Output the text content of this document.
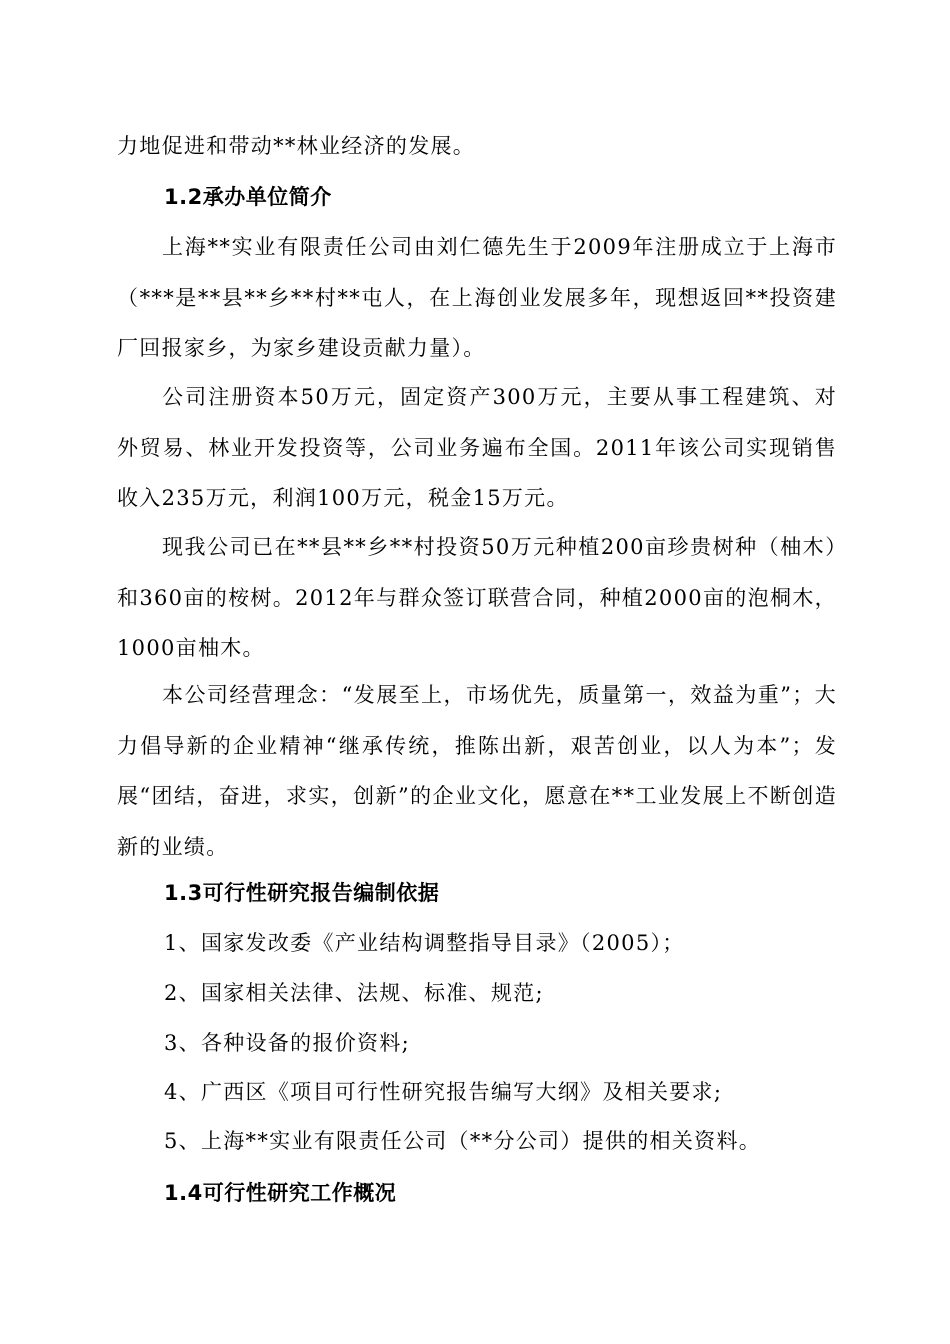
力地促进和带动**林业经济的发展。

1.2承办单位简介

上海**实业有限责任公司由刘仁德先生于2009年注册成立于上海市（***是**县**乡**村**屯人，在上海创业发展多年，现想返回**投资建厂回报家乡，为家乡建设贡献力量）。

公司注册资本50万元，固定资产300万元，主要从事工程建筑、对外贸易、林业开发投资等，公司业务遍布全国。2011年该公司实现销售收入235万元，利润100万元，税金15万元。

现我公司已在**县**乡**村投资50万元种植200亩珍贵树种（柚木）和360亩的桉树。2012年与群众签订联营合同，种植2000亩的泡桐木，1000亩柚木。

本公司经营理念：“发展至上，市场优先，质量第一，效益为重”；大力倡导新的企业精神“继承传统，推陈出新，艰苦创业，以人为本”；发展“团结，奋进，求实，创新”的企业文化，愿意在**工业发展上不断创造新的业绩。

1.3可行性研究报告编制依据

1、国家发改委《产业结构调整指导目录》（2005）；

2、国家相关法律、法规、标准、规范;

3、各种设备的报价资料;

4、广西区《项目可行性研究报告编写大纲》及相关要求;

5、上海**实业有限责任公司（**分公司）提供的相关资料。

1.4可行性研究工作概况
